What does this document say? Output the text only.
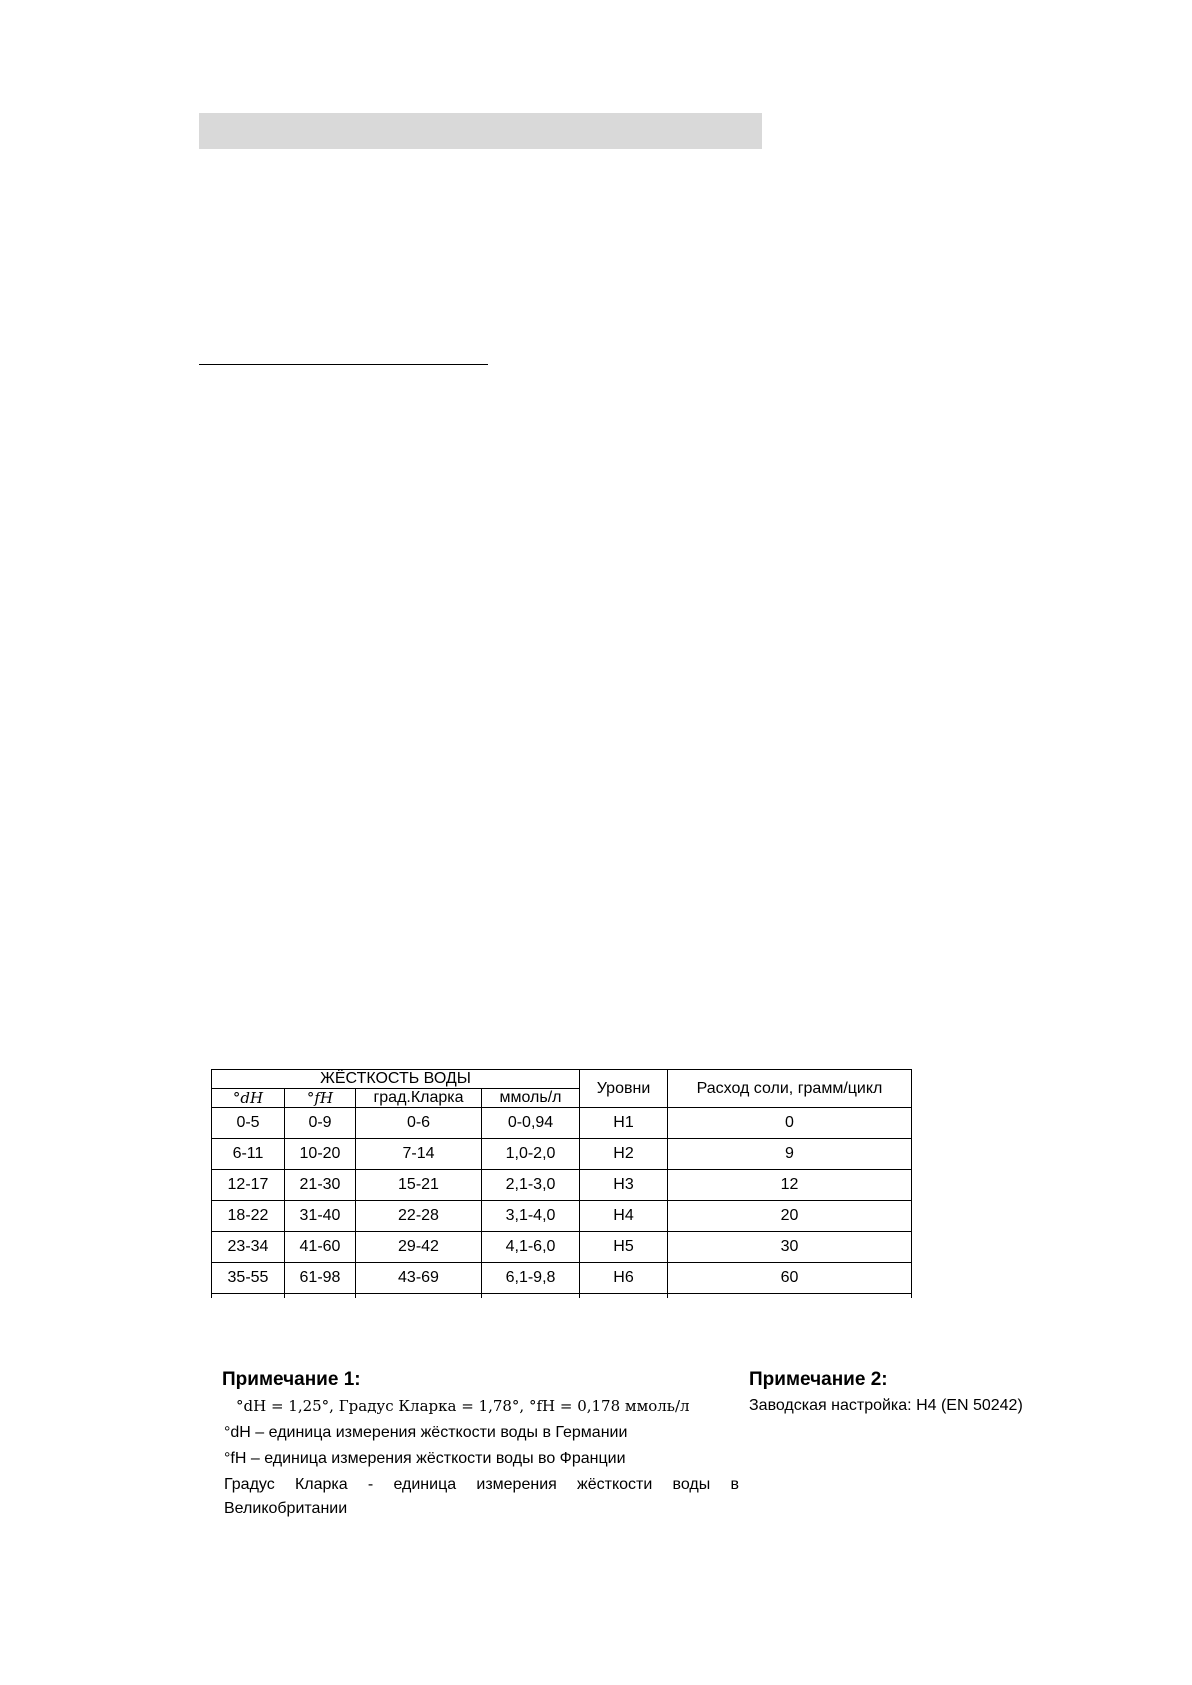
ЖЁСТКОСТЬ ВОДЫ				Уровни	Расход соли, грамм/цикл
°dH	°fH	град.Кларка	ммоль/л		
0-5	0-9	0-6	0-0,94	H1	0
6-11	10-20	7-14	1,0-2,0	H2	9
12-17	21-30	15-21	2,1-3,0	H3	12
18-22	31-40	22-28	3,1-4,0	H4	20
23-34	41-60	29-42	4,1-6,0	H5	30
35-55	61-98	43-69	6,1-9,8	H6	60

Примечание 1:
°dH = 1,25°, Градус Кларка = 1,78°, °fH = 0,178 ммоль/л
°dH – единица измерения жёсткости воды в Германии
°fH – единица измерения жёсткости воды во Франции
Градус Кларка - единица измерения жёсткости воды в
Великобритании
Примечание 2:
Заводская настройка: H4 (EN 50242)
